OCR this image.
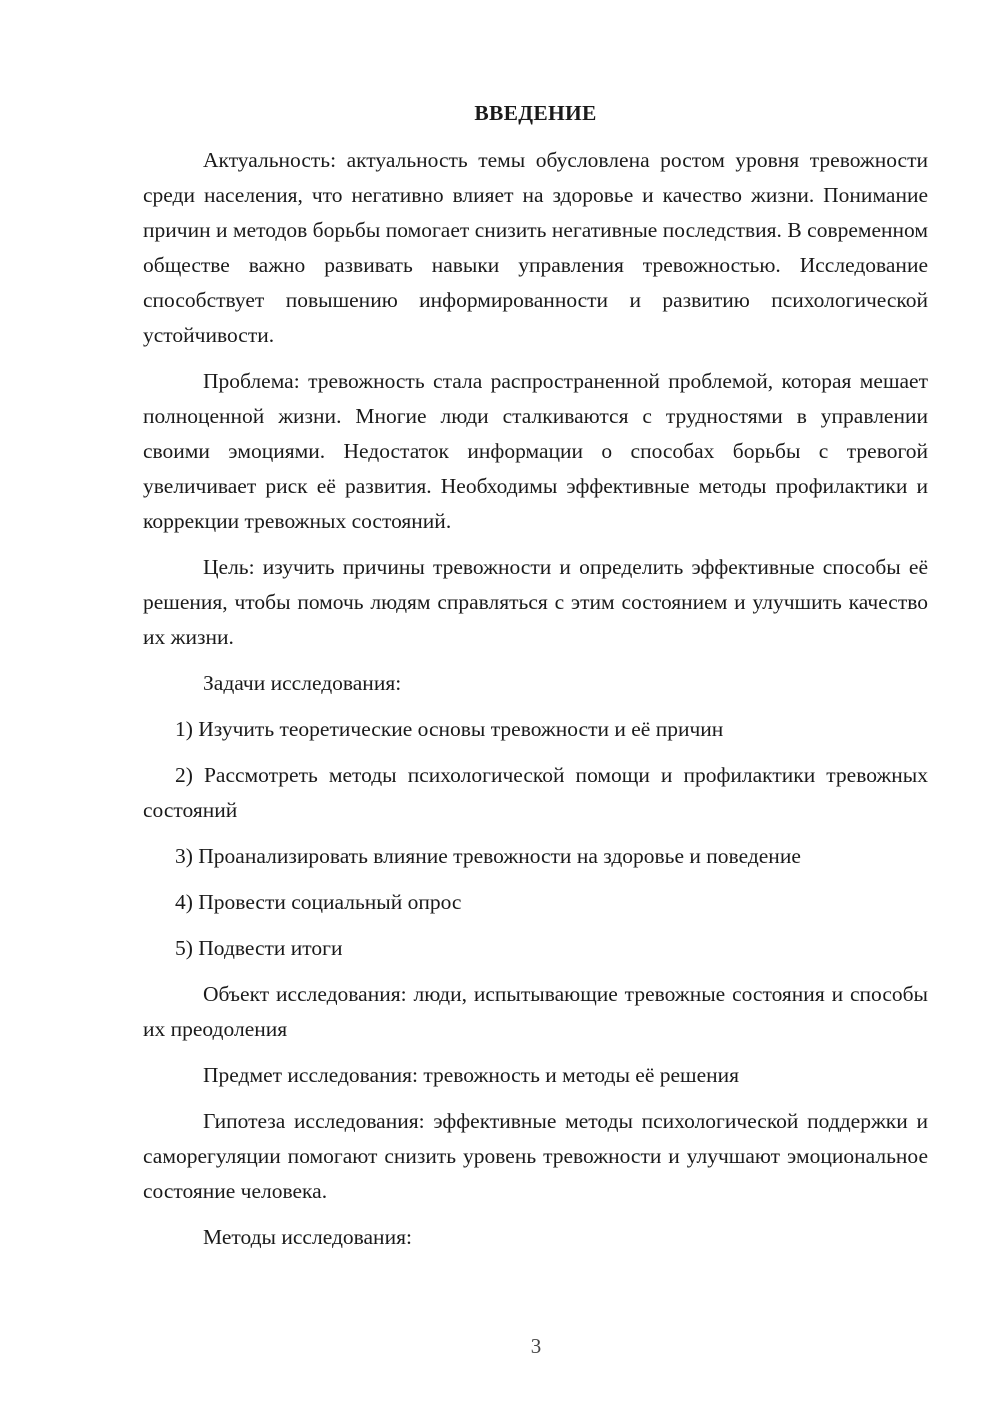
ВВЕДЕНИЕ

Актуальность: актуальность темы обусловлена ростом уровня тревожности среди населения, что негативно влияет на здоровье и качество жизни. Понимание причин и методов борьбы помогает снизить негативные последствия. В современном обществе важно развивать навыки управления тревожностью. Исследование способствует повышению информированности и развитию психологической устойчивости.

Проблема: тревожность стала распространенной проблемой, которая мешает полноценной жизни. Многие люди сталкиваются с трудностями в управлении своими эмоциями. Недостаток информации о способах борьбы с тревогой увеличивает риск её развития. Необходимы эффективные методы профилактики и коррекции тревожных состояний.

Цель: изучить причины тревожности и определить эффективные способы её решения, чтобы помочь людям справляться с этим состоянием и улучшить качество их жизни.

Задачи исследования:

1) Изучить теоретические основы тревожности и её причин

2) Рассмотреть методы психологической помощи и профилактики тревожных состояний

3) Проанализировать влияние тревожности на здоровье и поведение

4) Провести социальный опрос

5) Подвести итоги

Объект исследования: люди, испытывающие тревожные состояния и способы их преодоления

Предмет исследования: тревожность и методы её решения

Гипотеза исследования: эффективные методы психологической поддержки и саморегуляции помогают снизить уровень тревожности и улучшают эмоциональное состояние человека.

Методы исследования:

3
